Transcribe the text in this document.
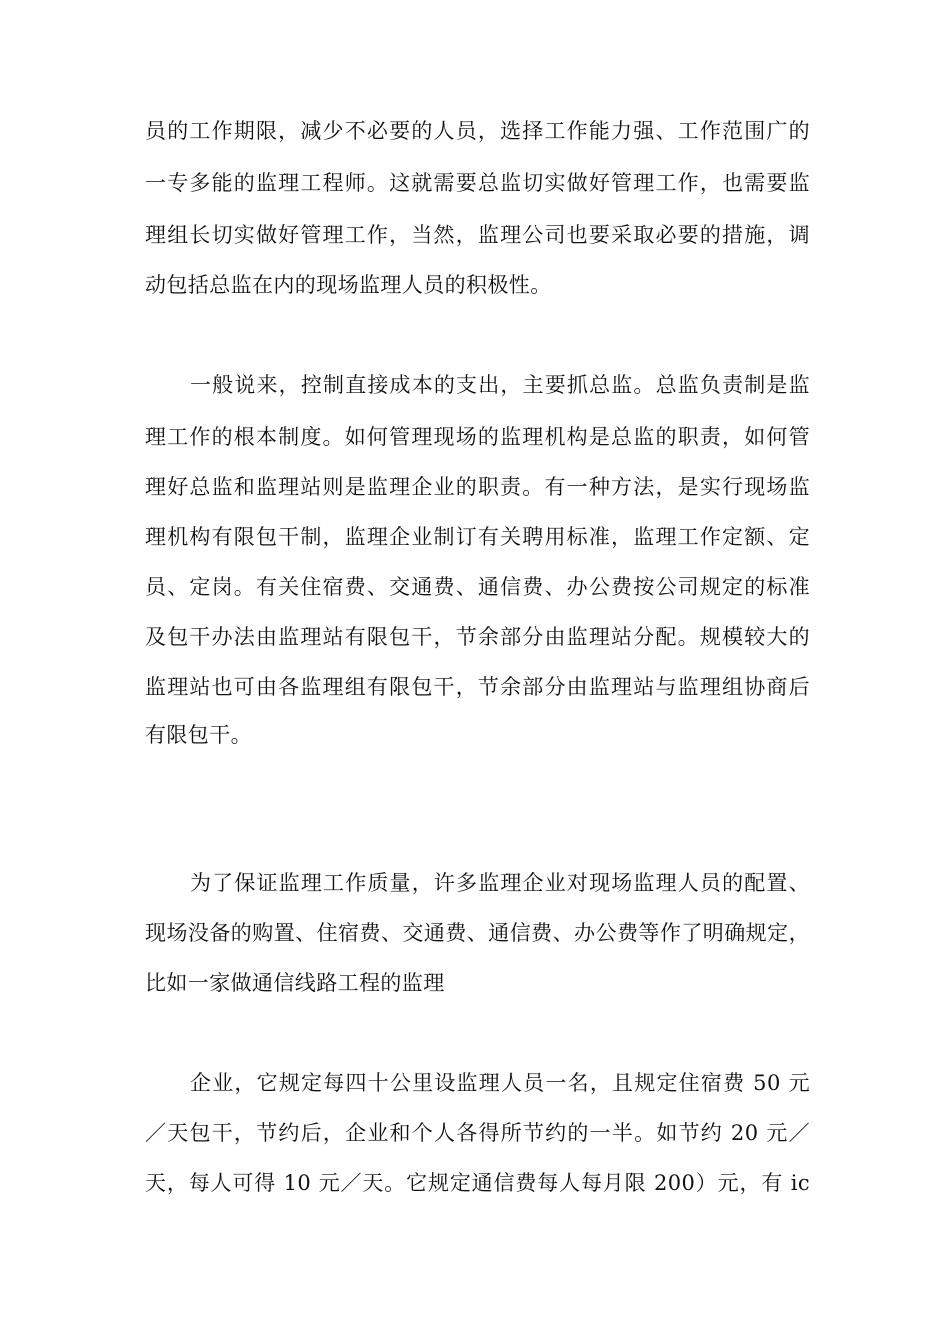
员的工作期限，减少不必要的人员，选择工作能力强、工作范围广的
一专多能的监理工程师。这就需要总监切实做好管理工作，也需要监
理组长切实做好管理工作，当然，监理公司也要采取必要的措施，调
动包括总监在内的现场监理人员的积极性。
一般说来，控制直接成本的支出，主要抓总监。总监负责制是监
理工作的根本制度。如何管理现场的监理机构是总监的职责，如何管
理好总监和监理站则是监理企业的职责。有一种方法，是实行现场监
理机构有限包干制，监理企业制订有关聘用标准，监理工作定额、定
员、定岗。有关住宿费、交通费、通信费、办公费按公司规定的标准
及包干办法由监理站有限包干，节余部分由监理站分配。规模较大的
监理站也可由各监理组有限包干，节余部分由监理站与监理组协商后
有限包干。
为了保证监理工作质量，许多监理企业对现场监理人员的配置、
现场没备的购置、住宿费、交通费、通信费、办公费等作了明确规定，
比如一家做通信线路工程的监理
企业，它规定每四十公里设监理人员一名，且规定住宿费 50 元
／天包干，节约后，企业和个人各得所节约的一半。如节约 20 元／
天，每人可得 10 元／天。它规定通信费每人每月限 200）元，有 ic
